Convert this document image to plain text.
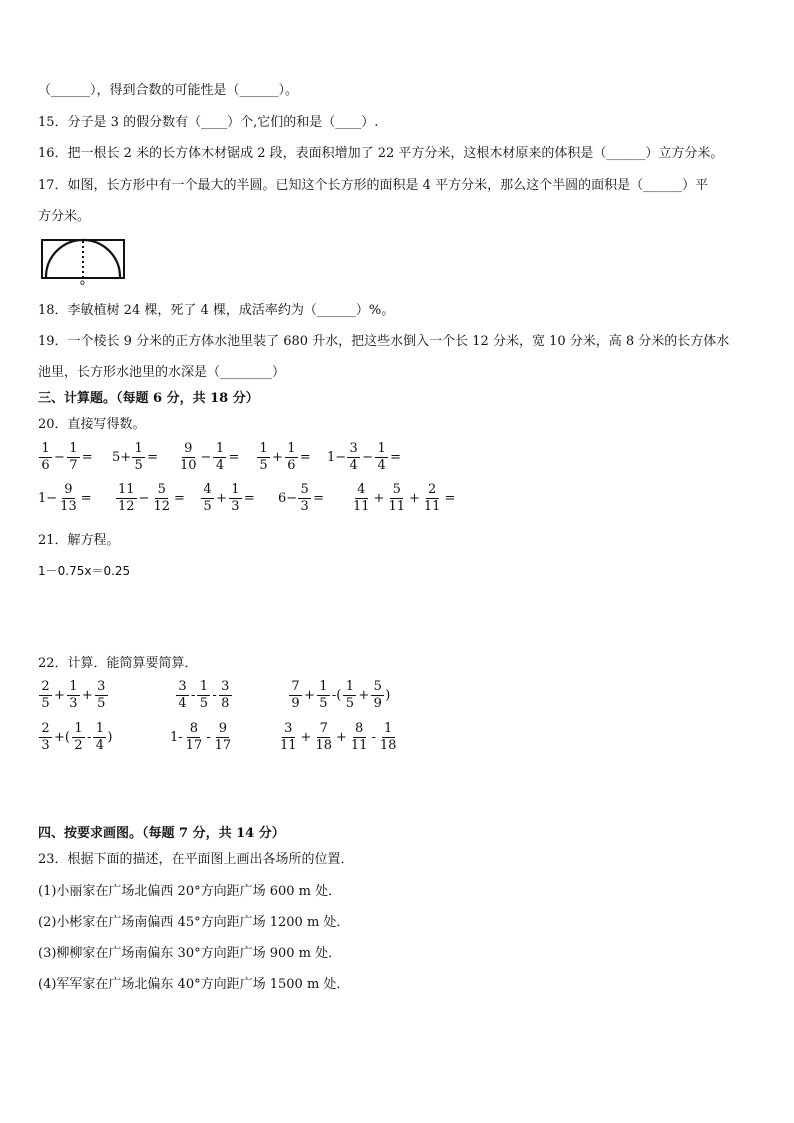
（______），得到合数的可能性是（______）。
15．分子是 3 的假分数有（____）个,它们的和是（____）.
16．把一根长 2 米的长方体木材锯成 2 段，表面积增加了 22 平方分米，这根木材原来的体积是（______）立方分米。
17．如图，长方形中有一个最大的半圆。已知这个长方形的面积是 4 平方分米，那么这个半圆的面积是（______）平
方分米。
o
18．李敏植树 24 棵，死了 4 棵，成活率约为（______）%。
19．一个棱长 9 分米的正方体水池里装了 680 升水，把这些水倒入一个长 12 分米，宽 10 分米，高 8 分米的长方体水
池里，长方形水池里的水深是（________）
三、计算题。（每题 6 分，共 18 分）
20．直接写得数。
$\frac{1}{6} - \frac{1}{7} = 5+ \frac{1}{5} = \frac{9}{10} - \frac{1}{4} = \frac{1}{5} + \frac{1}{6} = 1- \frac{3}{4} - \frac{1}{4}$ =
$1- \frac{9}{13} = \frac{11}{12} - \frac{5}{12} = \frac{4}{5} + \frac{1}{3} = 6- \frac{5}{3} = \frac{4}{11} + \frac{5}{11} + \frac{2}{11}$ =
21．解方程。
1－0.75x＝0.25
22．计算．能简算要简算．
$\frac{2}{5} + \frac{1}{3} + \frac{3}{5}$	$\frac{3}{4} - \frac{1}{5} - \frac{3}{8}$	$\frac{7}{9} + \frac{1}{5}$ -( $\frac{1}{5} + \frac{5}{9}$ )
$\frac{2}{3}$ +( $\frac{1}{2} - \frac{1}{4}$ )	$1- \frac{8}{17} - \frac{9}{17}$	$\frac{3}{11} + \frac{7}{18} + \frac{8}{11} - \frac{1}{18}$
四、按要求画图。（每题 7 分，共 14 分）
23．根据下面的描述，在平面图上画出各场所的位置．
(1)小丽家在广场北偏西 20°方向距广场 600 m 处．
(2)小彬家在广场南偏西 45°方向距广场 1200 m 处．
(3)柳柳家在广场南偏东 30°方向距广场 900 m 处．
(4)军军家在广场北偏东 40°方向距广场 1500 m 处．
